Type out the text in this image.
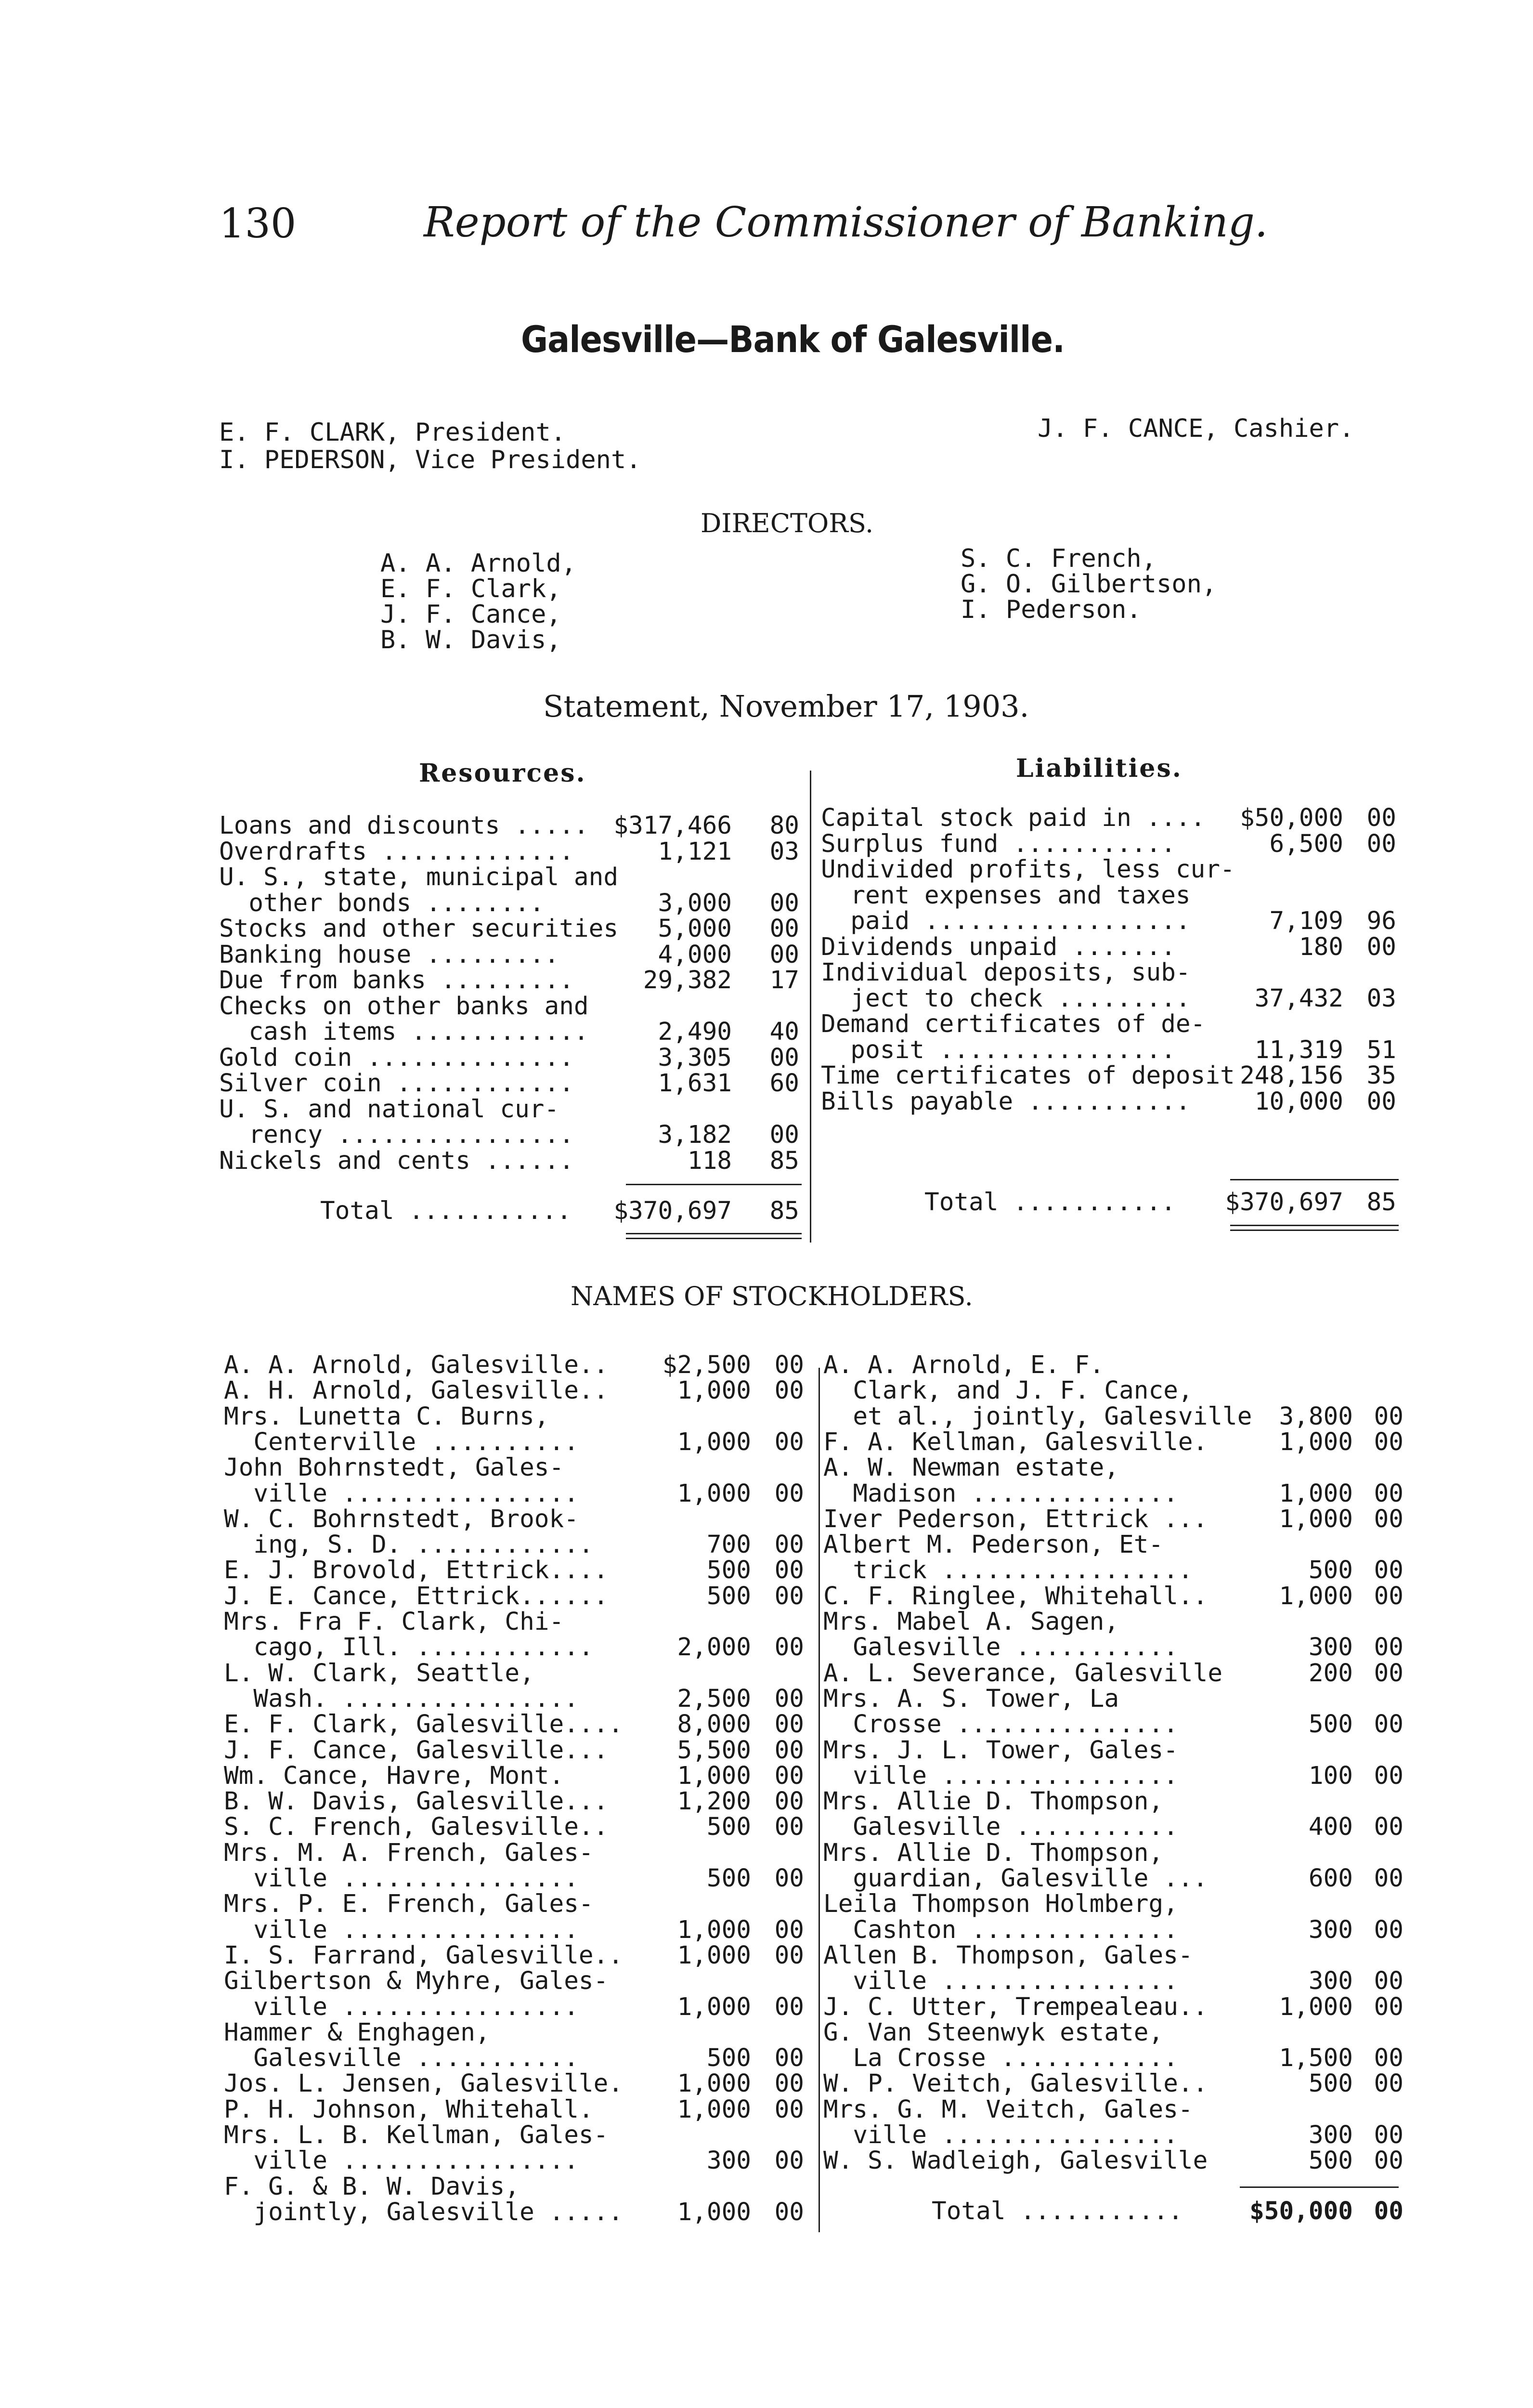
130	Report of the Commissioner of Banking.
Galesville—Bank of Galesville.
E. F. CLARK, President.
I. PEDERSON, Vice President.
J. F. CANCE, Cashier.
DIRECTORS.
A. A. Arnold,
E. F. Clark,
J. F. Cance,
B. W. Davis,
S. C. French,
G. O. Gilbertson,
I. Pederson.
Statement, November 17, 1903.
Resources.	Liabilities.
Loans and discounts .....	$317,466	80
Overdrafts .............	1,121	03
U. S., state, municipal and
other bonds ........	3,000	00
Stocks and other securities	5,000	00
Banking house .........	4,000	00
Due from banks .........	29,382	17
Checks on other banks and
cash items ............	2,490	40
Gold coin ..............	3,305	00
Silver coin ............	1,631	60
U. S. and national cur-
rency ................	3,182	00
Nickels and cents ......	118	85
Capital stock paid in ....	$50,000 00
Surplus fund ...........	6,500 00
Undivided profits, less cur-
rent expenses and taxes
paid ..................	7,109 96
Dividends unpaid .......	180 00
Individual deposits, sub-
ject to check .........	37,432 03
Demand certificates of de-
posit ................	11,319 51
Time certificates of deposit 248,156 35
Bills payable ...........	10,000 00
Total ...........	$370,697	85	Total ...........	$370,697 85
NAMES OF STOCKHOLDERS.
A. A. Arnold, Galesville..	$2,500 00
A. H. Arnold, Galesville..	1,000 00
Mrs. Lunetta C. Burns,
Centerville ..........	1,000 00
John Bohrnstedt, Gales-
ville ................	1,000 00
W. C. Bohrnstedt, Brook-
ing, S. D. ............	700 00
E. J. Brovold, Ettrick....	500 00
J. E. Cance, Ettrick......	500 00
Mrs. Fra F. Clark, Chi-
cago, Ill. ............	2,000 00
L. W. Clark, Seattle,
Wash. ................	2,500 00
E. F. Clark, Galesville....	8,000 00
J. F. Cance, Galesville...	5,500 00
Wm. Cance, Havre, Mont.	1,000 00
B. W. Davis, Galesville...	1,200 00
S. C. French, Galesville..	500 00
Mrs. M. A. French, Gales-
ville ................	500 00
Mrs. P. E. French, Gales-
ville ................	1,000 00
I. S. Farrand, Galesville..	1,000 00
Gilbertson & Myhre, Gales-
ville ................	1,000 00
Hammer & Enghagen,
Galesville ...........	500 00
Jos. L. Jensen, Galesville.	1,000 00
P. H. Johnson, Whitehall.	1,000 00
Mrs. L. B. Kellman, Gales-
ville ................	300 00
F. G. & B. W. Davis,
jointly, Galesville .....	1,000 00
A. A. Arnold, E. F.
Clark, and J. F. Cance,
et al., jointly, Galesville	3,800 00
F. A. Kellman, Galesville.	1,000 00
A. W. Newman estate,
Madison ..............	1,000 00
Iver Pederson, Ettrick ...	1,000 00
Albert M. Pederson, Et-
trick .................	500 00
C. F. Ringlee, Whitehall..	1,000 00
Mrs. Mabel A. Sagen,
Galesville ...........	300 00
A. L. Severance, Galesville	200 00
Mrs. A. S. Tower, La
Crosse ...............	500 00
Mrs. J. L. Tower, Gales-
ville ................	100 00
Mrs. Allie D. Thompson,
Galesville ...........	400 00
Mrs. Allie D. Thompson,
guardian, Galesville ...	600 00
Leila Thompson Holmberg,
Cashton ..............	300 00
Allen B. Thompson, Gales-
ville ................	300 00
J. C. Utter, Trempealeau..	1,000 00
G. Van Steenwyk estate,
La Crosse ............	1,500 00
W. P. Veitch, Galesville..	500 00
Mrs. G. M. Veitch, Gales-
ville ................	300 00
W. S. Wadleigh, Galesville	500 00
Total ...........	$50,000 00
